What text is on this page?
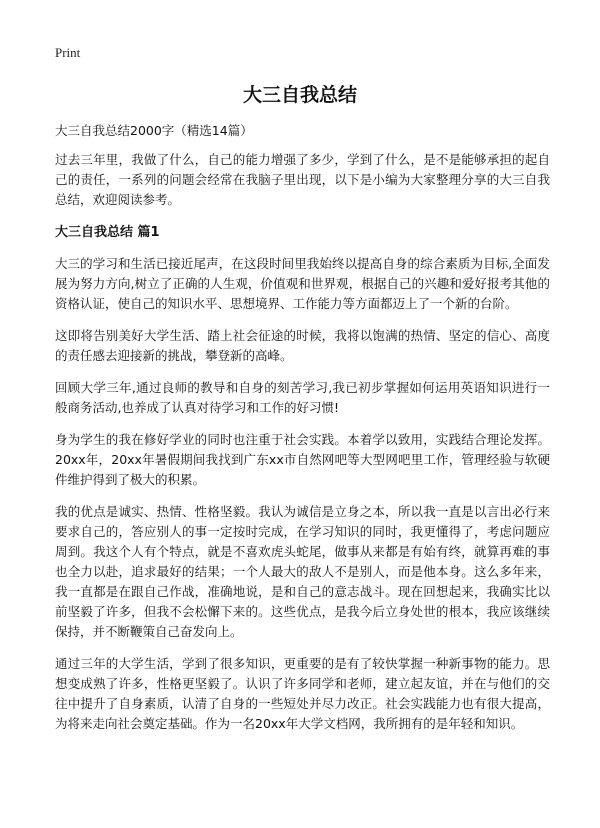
Print
大三自我总结
大三自我总结2000字（精选14篇）

过去三年里，我做了什么，自己的能力增强了多少，学到了什么，是不是能够承担的起自己的责任，一系列的问题会经常在我脑子里出现，以下是小编为大家整理分享的大三自我总结，欢迎阅读参考。

大三自我总结 篇1

大三的学习和生活已接近尾声，在这段时间里我始终以提高自身的综合素质为目标,全面发展为努力方向,树立了正确的人生观，价值观和世界观，根据自己的兴趣和爱好报考其他的资格认证，使自己的知识水平、思想境界、工作能力等方面都迈上了一个新的台阶。

这即将告别美好大学生活、踏上社会征途的时候，我将以饱满的热情、坚定的信心、高度的责任感去迎接新的挑战，攀登新的高峰。

回顾大学三年,通过良师的教导和自身的刻苦学习,我已初步掌握如何运用英语知识进行一般商务活动,也养成了认真对待学习和工作的好习惯!

身为学生的我在修好学业的同时也注重于社会实践。本着学以致用，实践结合理论发挥。20xx年，20xx年暑假期间我找到广东xx市自然网吧等大型网吧里工作，管理经验与软硬件维护得到了极大的积累。

我的优点是诚实、热情、性格坚毅。我认为诚信是立身之本，所以我一直是以言出必行来要求自己的，答应别人的事一定按时完成，在学习知识的同时，我更懂得了，考虑问题应周到。我这个人有个特点，就是不喜欢虎头蛇尾，做事从来都是有始有终，就算再难的事也全力以赴，追求最好的结果；一个人最大的敌人不是别人，而是他本身。这么多年来，我一直都是在跟自己作战，准确地说，是和自己的意志战斗。现在回想起来，我确实比以前坚毅了许多，但我不会松懈下来的。这些优点，是我今后立身处世的根本，我应该继续保持，并不断鞭策自己奋发向上。

通过三年的大学生活，学到了很多知识，更重要的是有了较快掌握一种新事物的能力。思想变成熟了许多，性格更坚毅了。认识了许多同学和老师，建立起友谊，并在与他们的交往中提升了自身素质，认清了自身的一些短处并尽力改正。社会实践能力也有很大提高，为将来走向社会奠定基础。作为一名20xx年大学文档网，我所拥有的是年轻和知识。
